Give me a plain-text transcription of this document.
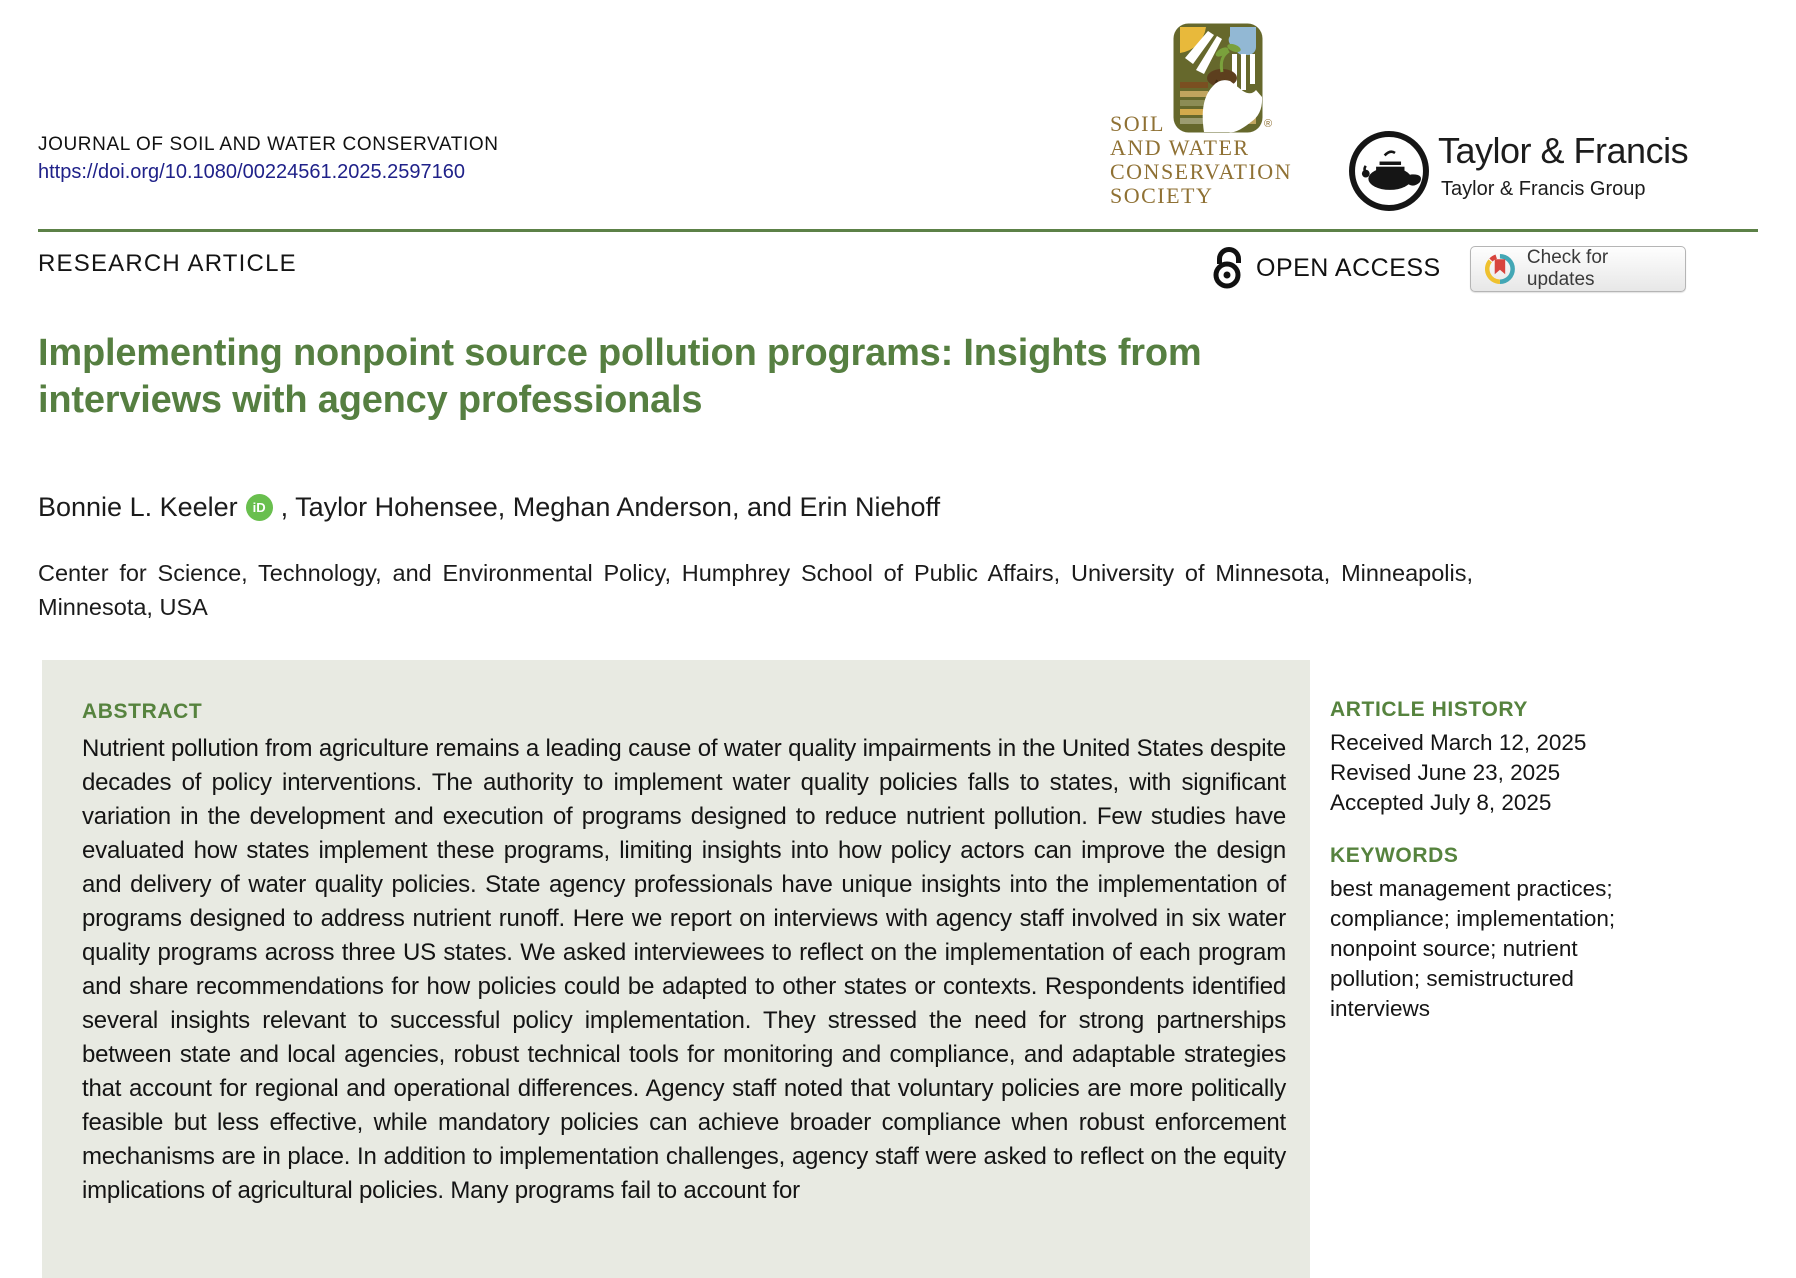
JOURNAL OF SOIL AND WATER CONSERVATION
https://doi.org/10.1080/00224561.2025.2597160
®
SOIL
AND WATER
CONSERVATION
SOCIETY
Taylor & Francis
Taylor & Francis Group
RESEARCH ARTICLE	OPEN ACCESS	Check for updates
Implementing nonpoint source pollution programs: Insights from interviews with agency professionals
Bonnie L. Keeler	iD , Taylor Hohensee, Meghan Anderson, and Erin Niehoff
Center for Science, Technology, and Environmental Policy, Humphrey School of Public Affairs, University of Minnesota, Minneapolis, Minnesota, USA
ABSTRACT
Nutrient pollution from agriculture remains a leading cause of water quality impairments in the United States despite decades of policy interventions. The authority to implement water quality policies falls to states, with significant variation in the development and execution of programs designed to reduce nutrient pollution. Few studies have evaluated how states implement these programs, limiting insights into how policy actors can improve the design and delivery of water quality policies. State agency professionals have unique insights into the implementation of programs designed to address nutrient runoff. Here we report on interviews with agency staff involved in six water quality programs across three US states. We asked interviewees to reflect on the implementation of each program and share recommendations for how policies could be adapted to other states or contexts. Respondents identified several insights relevant to successful policy implementation. They stressed the need for strong partnerships between state and local agencies, robust technical tools for monitoring and compliance, and adaptable strategies that account for regional and operational differences. Agency staff noted that voluntary policies are more politically feasible but less effective, while mandatory policies can achieve broader compliance when robust enforcement mechanisms are in place. In addition to implementation challenges, agency staff were asked to reflect on the equity implications of agricultural policies. Many programs fail to account for
ARTICLE HISTORY
Received March 12, 2025
Revised June 23, 2025
Accepted July 8, 2025
KEYWORDS
best management practices; compliance; implementation; nonpoint source; nutrient pollution; semistructured interviews
